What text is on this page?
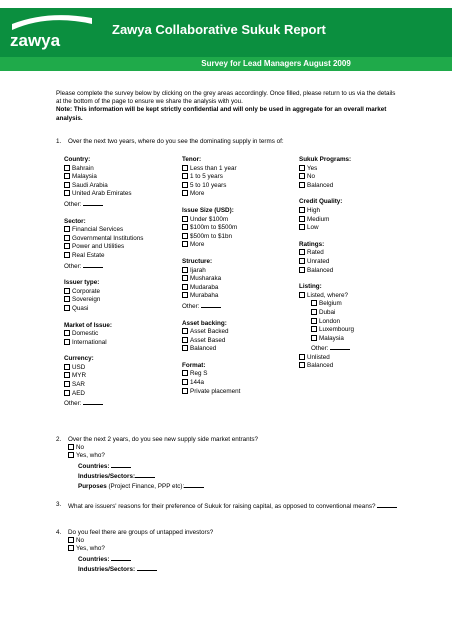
zawya
Zawya Collaborative Sukuk Report
Survey for Lead Managers August 2009
Please complete the survey below by clicking on the grey areas accordingly. Once filled, please return to us via the details at the bottom of the page to ensure we share the analysis with you.
Note: This information will be kept strictly confidential and will only be used in aggregate for an overall market analysis.
1. Over the next two years, where do you see the dominating supply in terms of:
Country:
Bahrain
Malaysia
Saudi Arabia
United Arab Emirates
Other:
Sector:
Financial Services
Governmental Institutions
Power and Utilities
Real Estate
Other:
Issuer type:
Corporate
Sovereign
Quasi
Market of Issue:
Domestic
International
Currency:
USD
MYR
SAR
AED
Other:
Tenor:
Less than 1 year
1 to 5 years
5 to 10 years
More
Issue Size (USD):
Under $100m
$100m to $500m
$500m to $1bn
More
Structure:
Ijarah
Musharaka
Mudaraba
Murabaha
Other:
Asset backing:
Asset Backed
Asset Based
Balanced
Format:
Reg S
144a
Private placement
Sukuk Programs:
Yes
No
Balanced
Credit Quality:
High
Medium
Low
Ratings:
Rated
Unrated
Balanced
Listing:
Listed, where?
Belgium
Dubai
London
Luxembourg
Malaysia
Other:
Unlisted
Balanced
2. Over the next 2 years, do you see new supply side market entrants?
No
Yes, who?
Countries:
Industries/Sectors:
Purposes (Project Finance, PPP etc):
3.	What are issuers' reasons for their preference of Sukuk for raising capital, as opposed to conventional means?
4. Do you feel there are groups of untapped investors?
No
Yes, who?
Countries:
Industries/Sectors:
